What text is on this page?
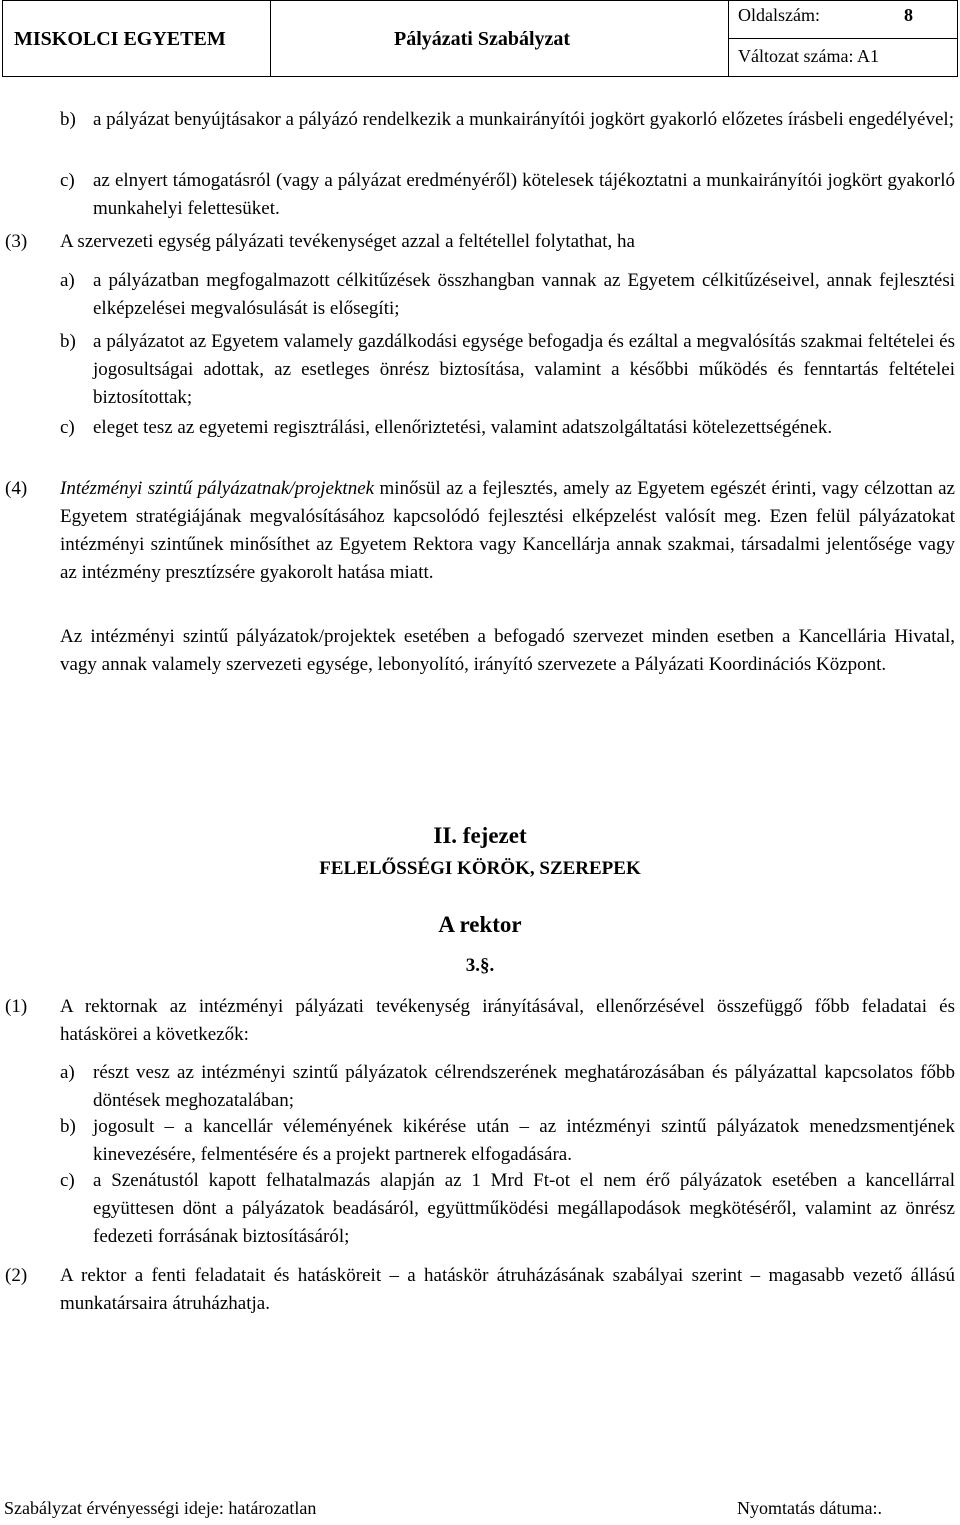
MISKOLCI EGYETEM	Pályázati Szabályzat
Oldalszám:	8
Változat száma: A1
b) a pályázat benyújtásakor a pályázó rendelkezik a munkairányítói jogkört gyakorló előzetes írásbeli engedélyével;
c) az elnyert támogatásról (vagy a pályázat eredményéről) kötelesek tájékoztatni a munkairányítói jogkört gyakorló munkahelyi felettesüket.
(3) A szervezeti egység pályázati tevékenységet azzal a feltétellel folytathat, ha
a) a pályázatban megfogalmazott célkitűzések összhangban vannak az Egyetem célkitűzéseivel, annak fejlesztési elképzelései megvalósulását is elősegíti;
b) a pályázatot az Egyetem valamely gazdálkodási egysége befogadja és ezáltal a megvalósítás szakmai feltételei és jogosultságai adottak, az esetleges önrész biztosítása, valamint a későbbi működés és fenntartás feltételei biztosítottak;
c) eleget tesz az egyetemi regisztrálási, ellenőriztetési, valamint adatszolgáltatási kötelezettségének.
(4) Intézményi szintű pályázatnak/projektnek minősül az a fejlesztés, amely az Egyetem egészét érinti, vagy célzottan az Egyetem stratégiájának megvalósításához kapcsolódó fejlesztési elképzelést valósít meg. Ezen felül pályázatokat intézményi szintűnek minősíthet az Egyetem Rektora vagy Kancellárja annak szakmai, társadalmi jelentősége vagy az intézmény presztízsére gyakorolt hatása miatt.
Az intézményi szintű pályázatok/projektek esetében a befogadó szervezet minden esetben a Kancellária Hivatal, vagy annak valamely szervezeti egysége, lebonyolító, irányító szervezete a Pályázati Koordinációs Központ.
II. fejezet
FELELŐSSÉGI KÖRÖK, SZEREPEK
A rektor
3.§.
(1) A rektornak az intézményi pályázati tevékenység irányításával, ellenőrzésével összefüggő főbb feladatai és hatáskörei a következők:
a) részt vesz az intézményi szintű pályázatok célrendszerének meghatározásában és pályázattal kapcsolatos főbb döntések meghozatalában;
b) jogosult – a kancellár véleményének kikérése után – az intézményi szintű pályázatok menedzsmentjének kinevezésére, felmentésére és a projekt partnerek elfogadására.
c) a Szenátustól kapott felhatalmazás alapján az 1 Mrd Ft-ot el nem érő pályázatok esetében a kancellárral együttesen dönt a pályázatok beadásáról, együttműködési megállapodások megkötéséről, valamint az önrész fedezeti forrásának biztosításáról;
(2) A rektor a fenti feladatait és hatásköreit – a hatáskör átruházásának szabályai szerint – magasabb vezető állású munkatársaira átruházhatja.
Szabályzat érvényességi ideje: határozatlan	Nyomtatás dátuma:.
